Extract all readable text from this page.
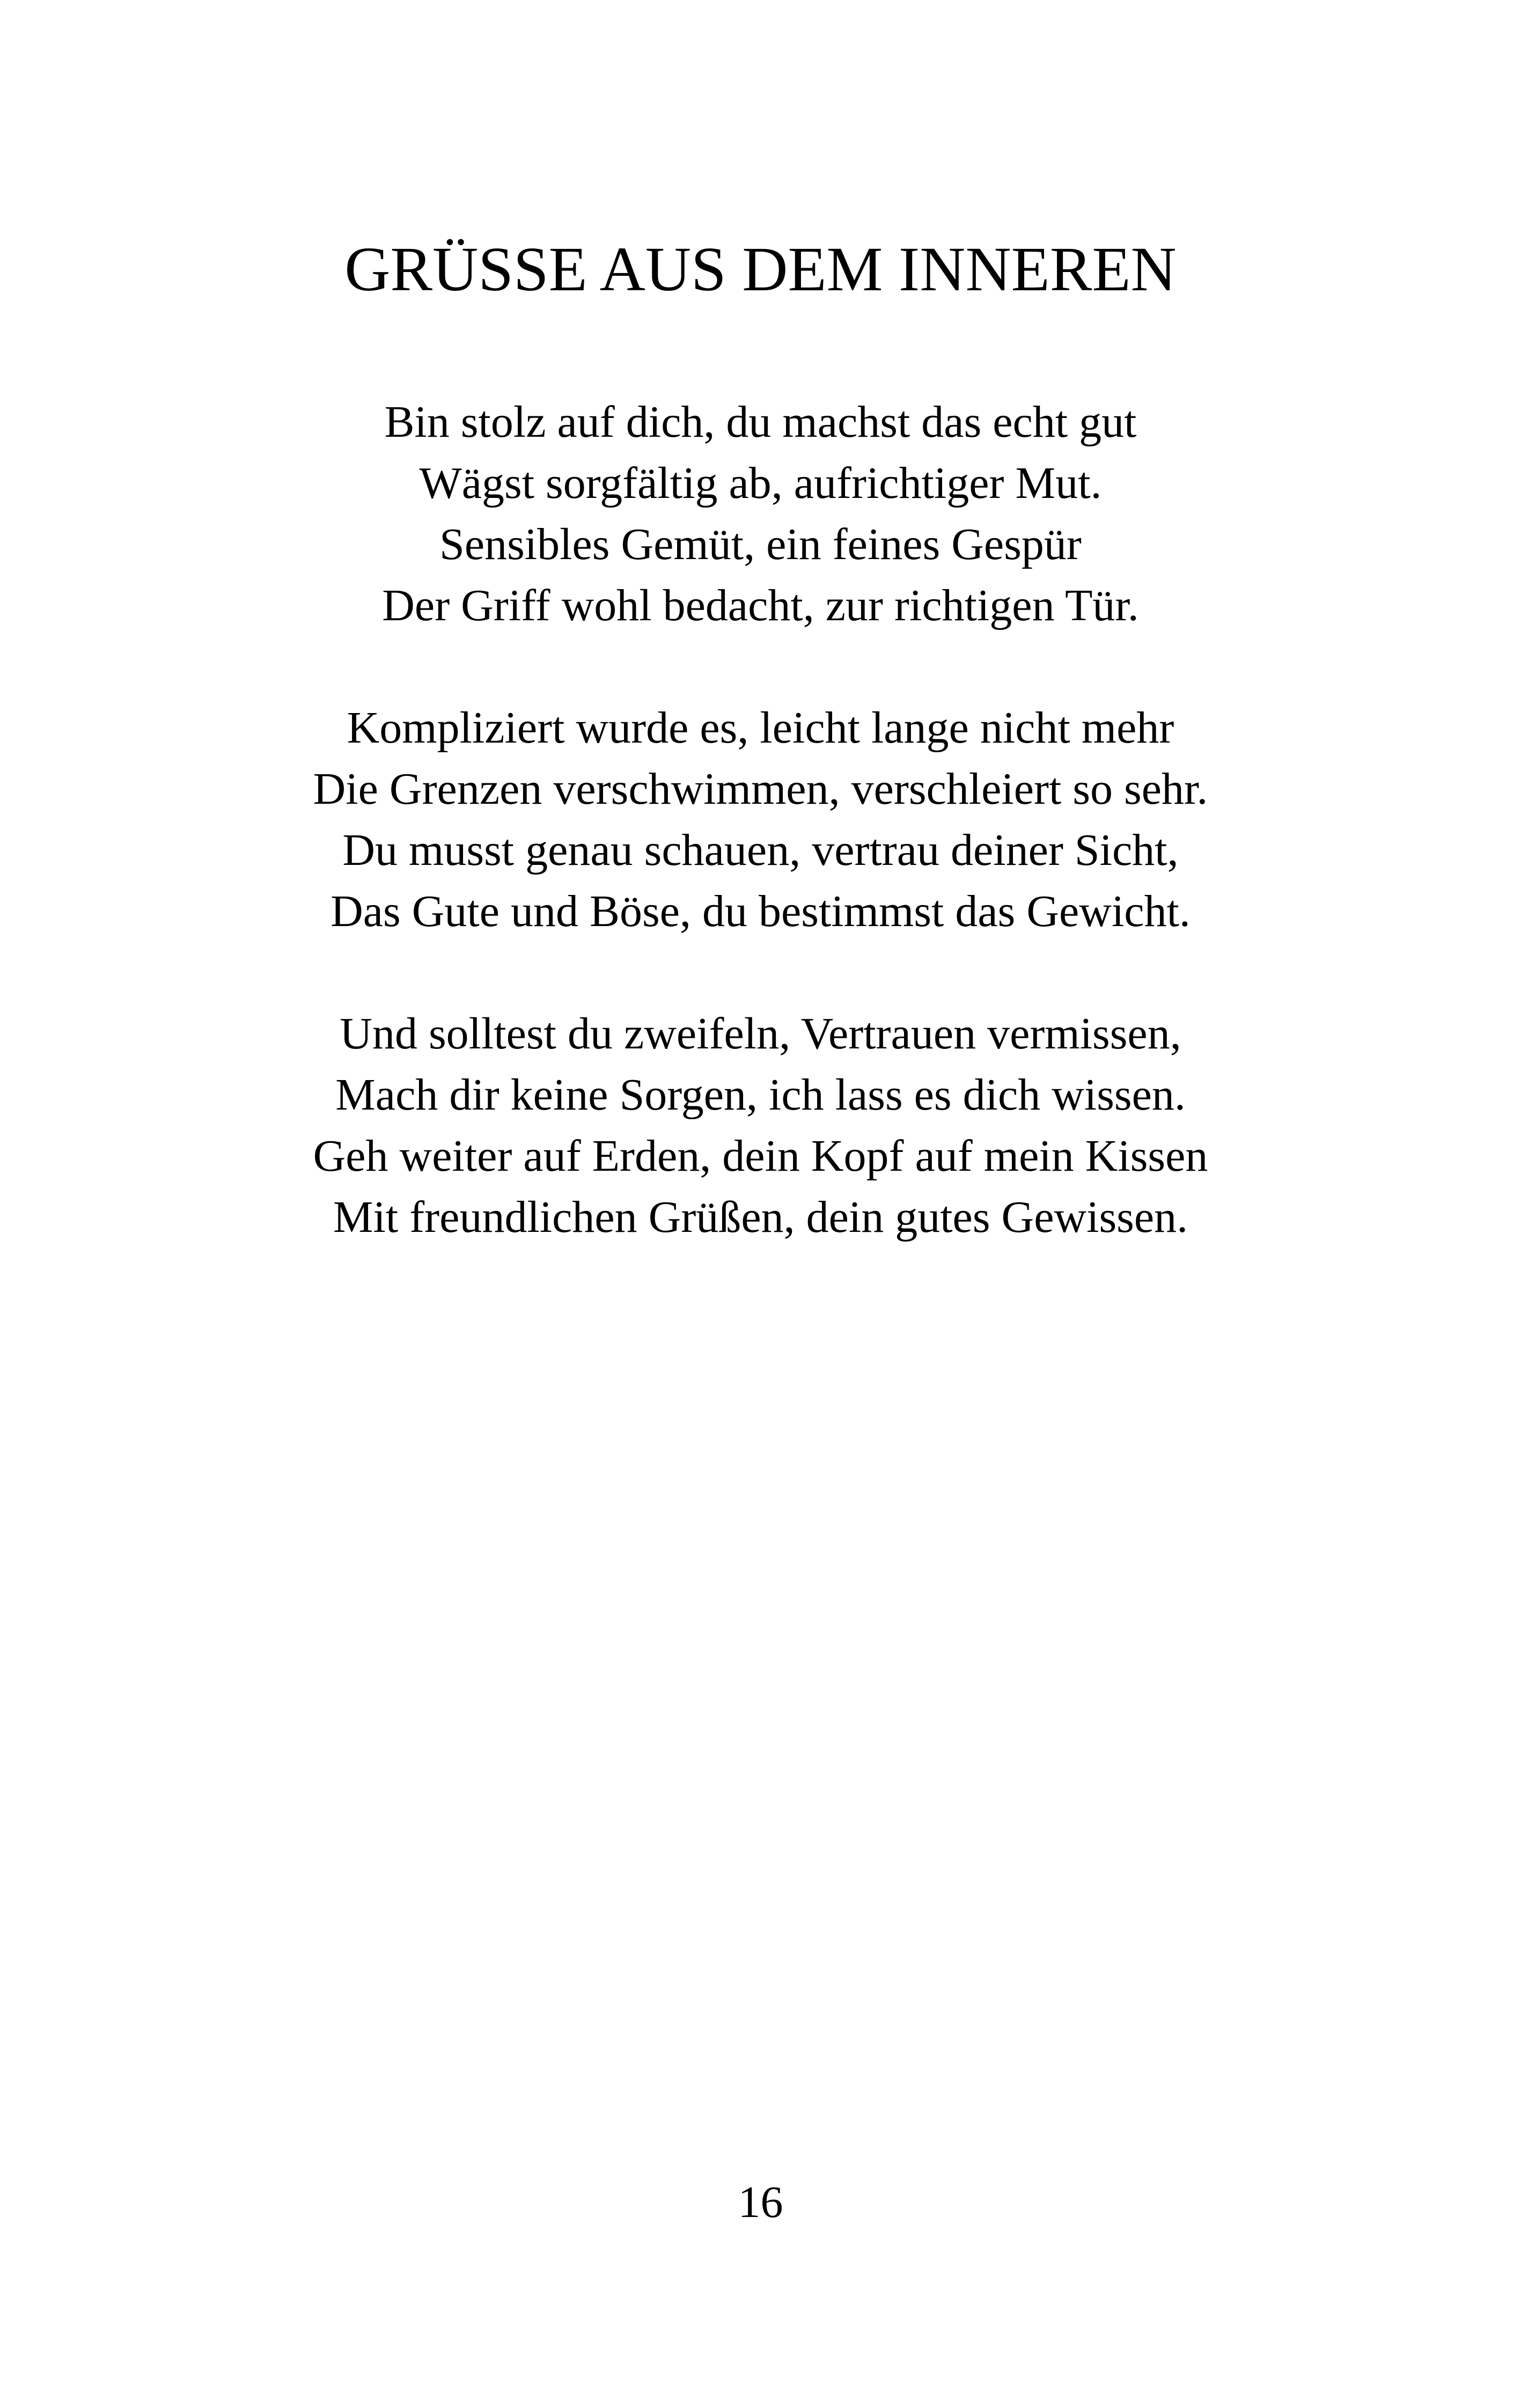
GRÜSSE AUS DEM INNEREN
Bin stolz auf dich, du machst das echt gut
Wägst sorgfältig ab, aufrichtiger Mut.
Sensibles Gemüt, ein feines Gespür
Der Griff wohl bedacht, zur richtigen Tür.
Kompliziert wurde es, leicht lange nicht mehr
Die Grenzen verschwimmen, verschleiert so sehr.
Du musst genau schauen, vertrau deiner Sicht,
Das Gute und Böse, du bestimmst das Gewicht.
Und solltest du zweifeln, Vertrauen vermissen,
Mach dir keine Sorgen, ich lass es dich wissen.
Geh weiter auf Erden, dein Kopf auf mein Kissen
Mit freundlichen Grüßen, dein gutes Gewissen.
16
